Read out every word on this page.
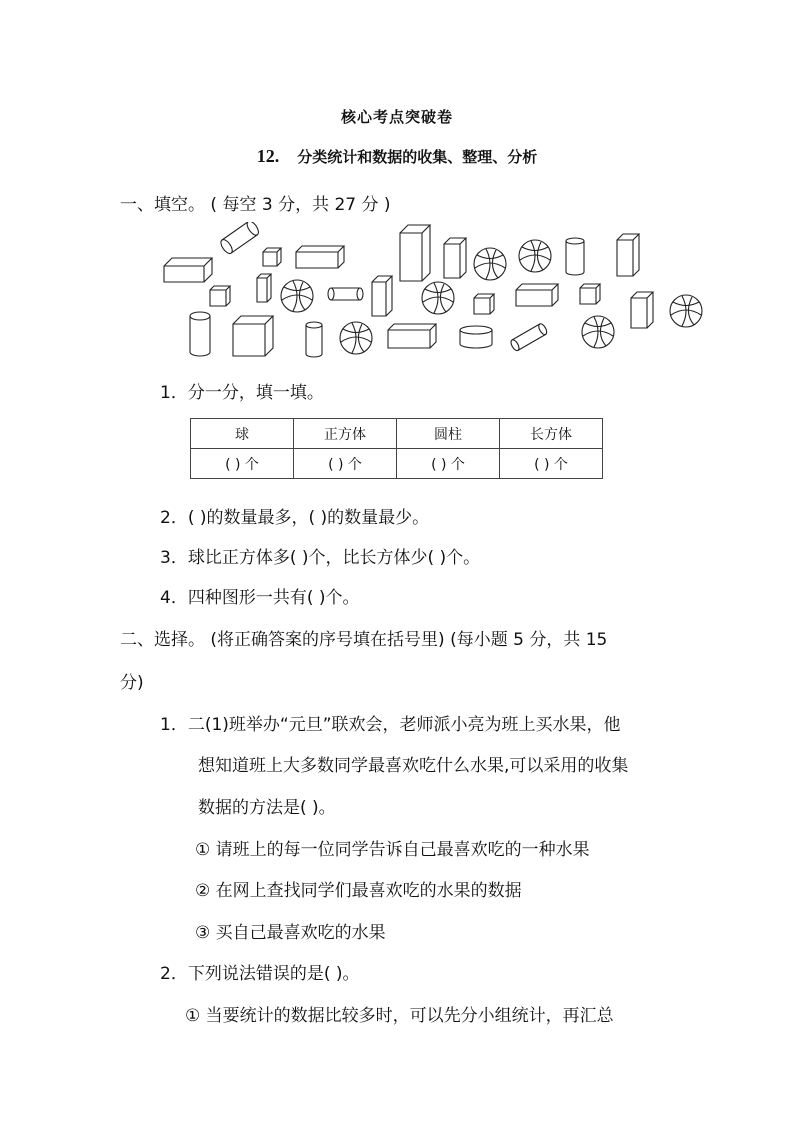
核心考点突破卷
12. 分类统计和数据的收集、整理、分析
一、填空。 ( 每空 3 分，共 27 分 )
1．分一分，填一填。
球	正方体	圆柱	长方体
( ) 个	( ) 个	( ) 个	( ) 个
2．( )的数量最多，( )的数量最少。
3．球比正方体多( )个，比长方体少( )个。
4．四种图形一共有( )个。
二、选择。 (将正确答案的序号填在括号里) (每小题 5 分，共 15
分)
1．二(1)班举办“元旦”联欢会，老师派小亮为班上买水果，他
想知道班上大多数同学最喜欢吃什么水果,可以采用的收集
数据的方法是( )。
① 请班上的每一位同学告诉自己最喜欢吃的一种水果
② 在网上查找同学们最喜欢吃的水果的数据
③ 买自己最喜欢吃的水果
2．下列说法错误的是( )。
① 当要统计的数据比较多时，可以先分小组统计，再汇总
